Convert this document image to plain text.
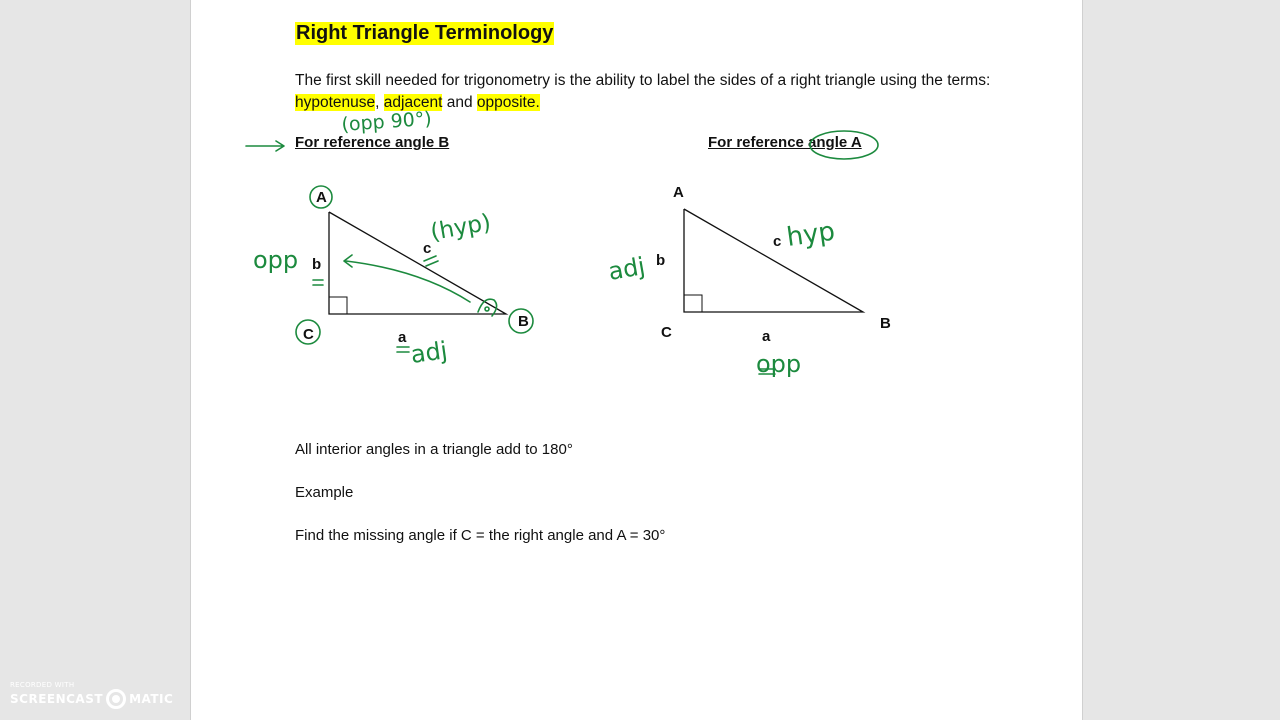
Right Triangle Terminology
The first skill needed for trigonometry is the ability to label the sides of a right triangle using the terms: hypotenuse, adjacent and opposite.
For reference angle B	For reference angle A
All interior angles in a triangle add to 180°
Example
Find the missing angle if C = the right angle and A = 30°
A
B
C	a
b
c
A
B
C	a
b
c
(opp 90°)
opp
(hyp)
adj
adj
hyp
opp
RECORDED WITH
SCREENCAST MATIC
